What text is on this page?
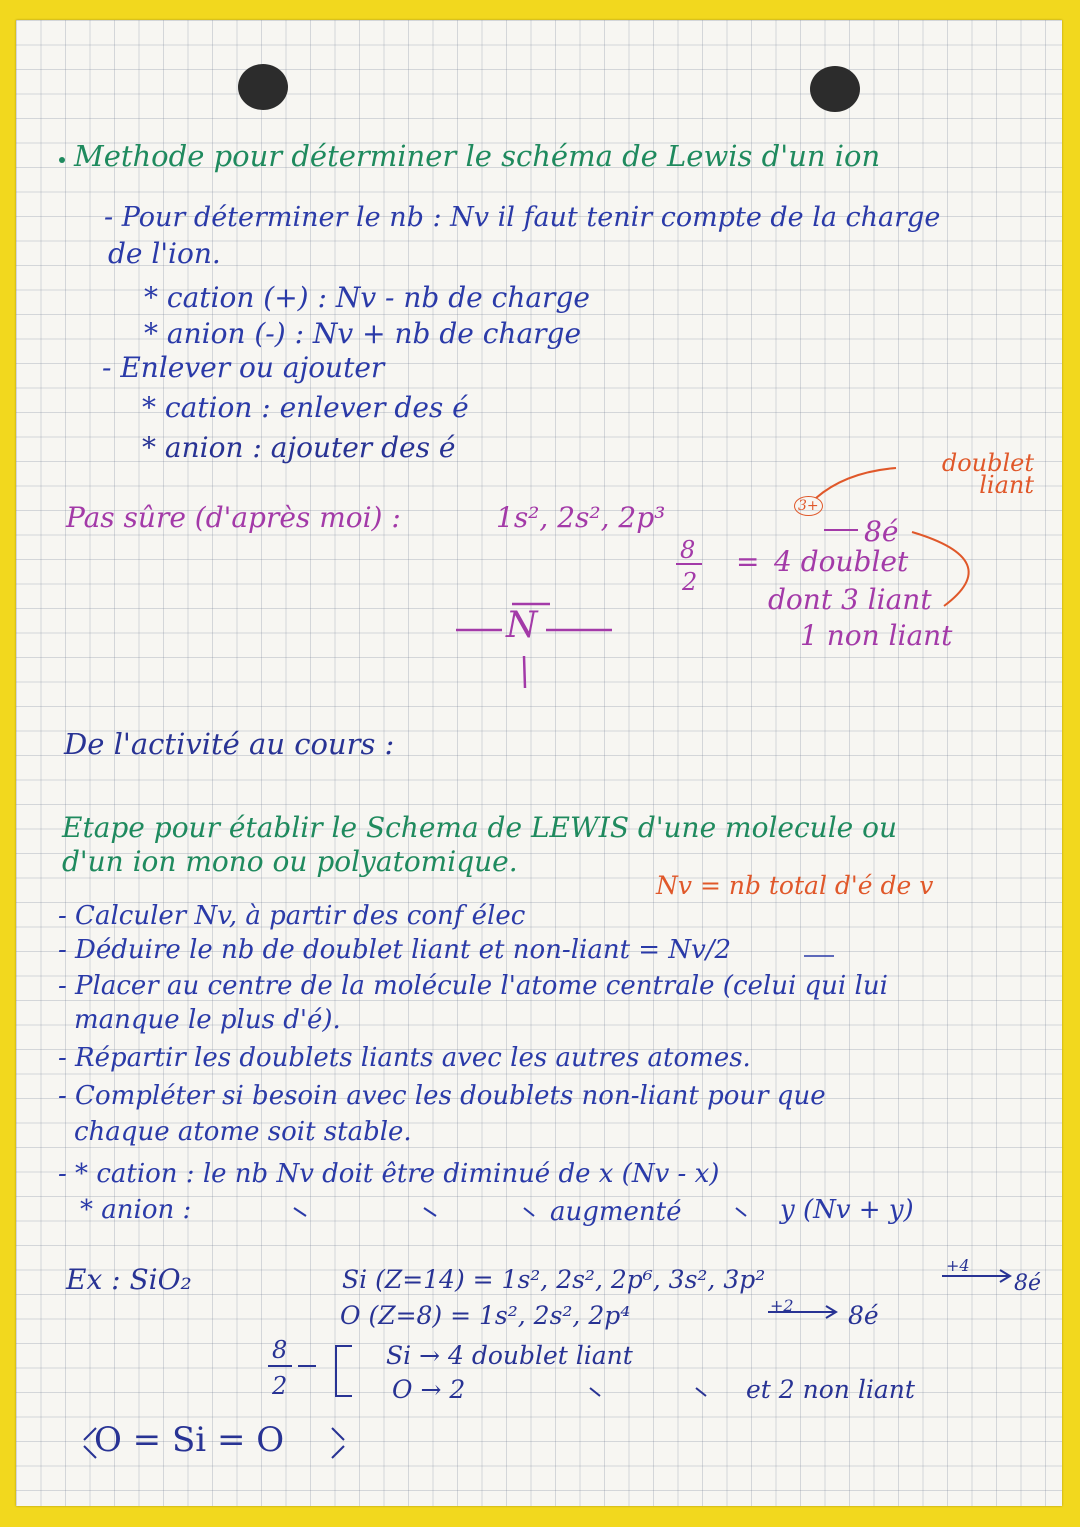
Methode pour déterminer le schéma de Lewis d'un ion
- Pour déterminer le nb : Nv il faut tenir compte de la charge
de l'ion.
* cation (+) : Nv - nb de charge
* anion (-) : Nv + nb de charge
- Enlever ou ajouter
* cation : enlever des é
* anion : ajouter des é
Pas sûre (d'après moi) :	1s², 2s², 2p³	3+
doublet liant
8é
8
2
= 4 doublet
dont 3 liant
1 non liant
N
De l'activité au cours :
Etape pour établir le Schema de LEWIS d'une molecule ou
d'un ion mono ou polyatomique.
Nv = nb total d'é de v
- Calculer Nv, à partir des conf élec
- Déduire le nb de doublet liant et non-liant = Nv/2
- Placer au centre de la molécule l'atome centrale (celui qui lui
manque le plus d'é).
- Répartir les doublets liants avec les autres atomes.
- Compléter si besoin avec les doublets non-liant pour que
chaque atome soit stable.
- * cation : le nb Nv doit être diminué de x (Nv - x)
* anion :	augmenté	y (Nv + y)
Ex : SiO₂	Si (Z=14) = 1s², 2s², 2p⁶, 3s², 3p²	+4
8é
O (Z=8) = 1s², 2s², 2p⁴	+2 8é
8
2
Si → 4 doublet liant
O → 2	et 2 non liant
O = Si = O
